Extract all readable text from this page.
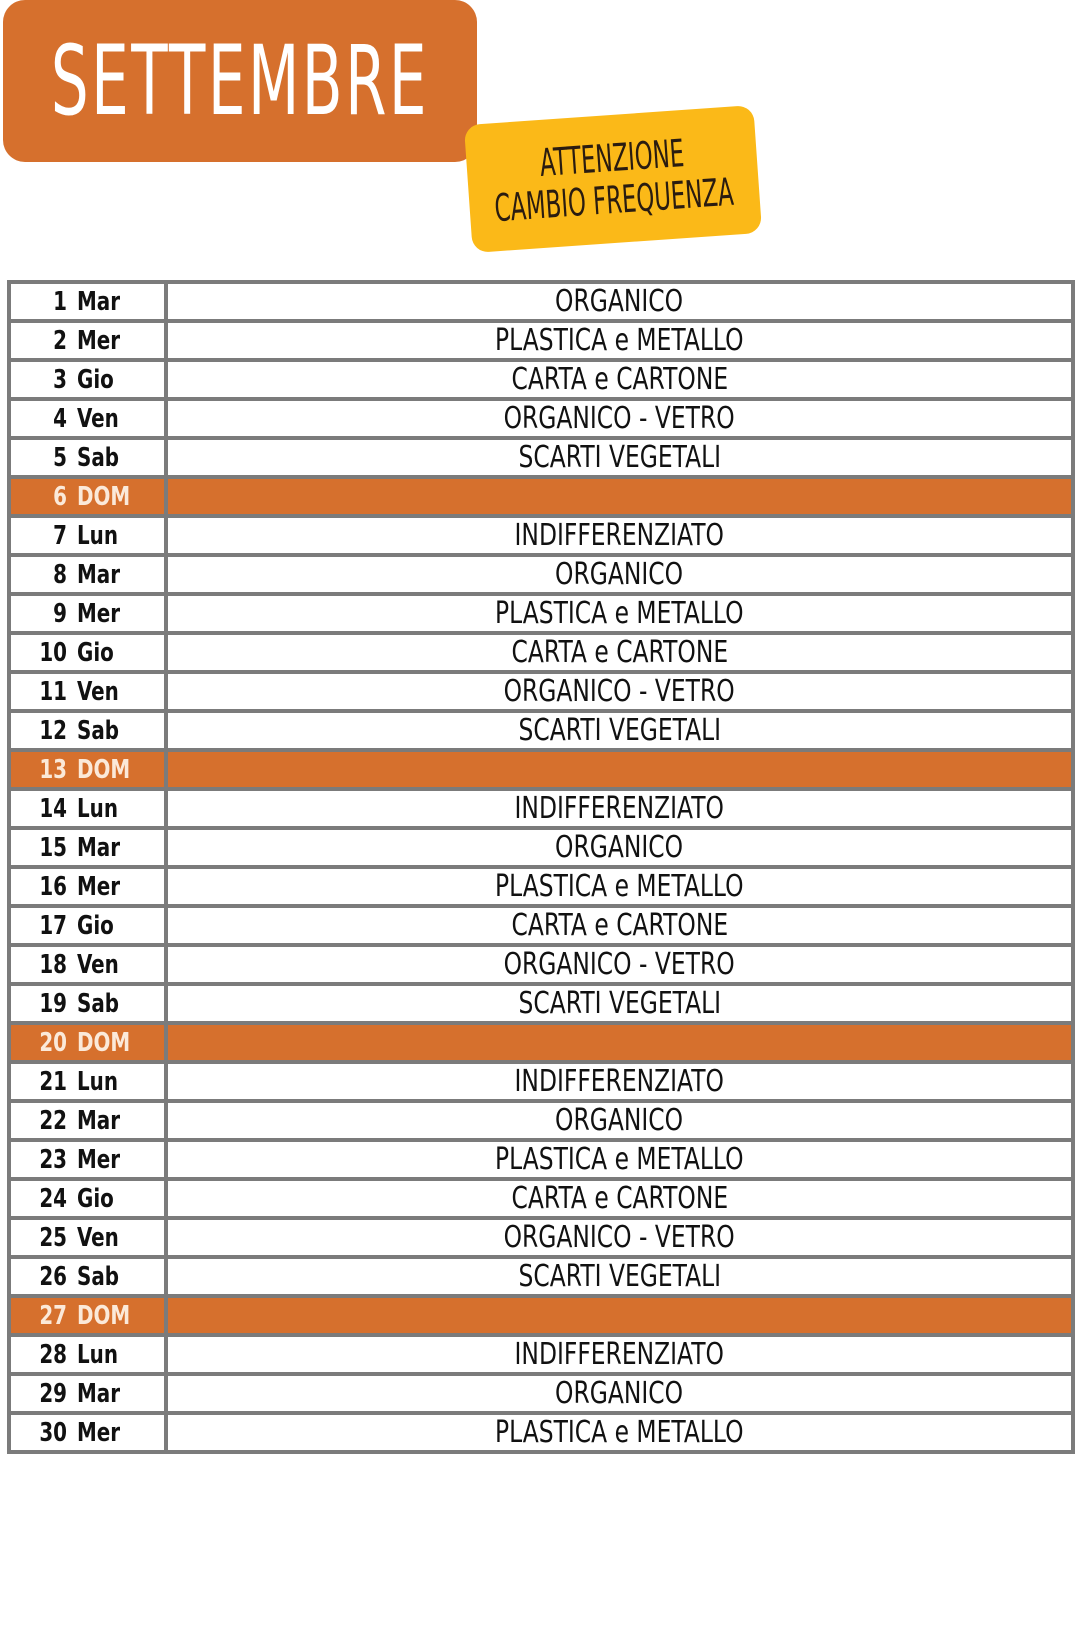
SETTEMBRE
ATTENZIONE
CAMBIO FREQUENZA
1 Mar	ORGANICO

2 Mer	PLASTICA e METALLO

3 Gio	CARTA e CARTONE

4 Ven	ORGANICO - VETRO

5 Sab	SCARTI VEGETALI

6 DOM	

7 Lun	INDIFFERENZIATO

8 Mar	ORGANICO

9 Mer	PLASTICA e METALLO

10 Gio	CARTA e CARTONE

11 Ven	ORGANICO - VETRO

12 Sab	SCARTI VEGETALI

13 DOM	

14 Lun	INDIFFERENZIATO

15 Mar	ORGANICO

16 Mer	PLASTICA e METALLO

17 Gio	CARTA e CARTONE

18 Ven	ORGANICO - VETRO

19 Sab	SCARTI VEGETALI

20 DOM	

21 Lun	INDIFFERENZIATO

22 Mar	ORGANICO

23 Mer	PLASTICA e METALLO

24 Gio	CARTA e CARTONE

25 Ven	ORGANICO - VETRO

26 Sab	SCARTI VEGETALI

27 DOM	

28 Lun	INDIFFERENZIATO

29 Mar	ORGANICO

30 Mer	PLASTICA e METALLO
